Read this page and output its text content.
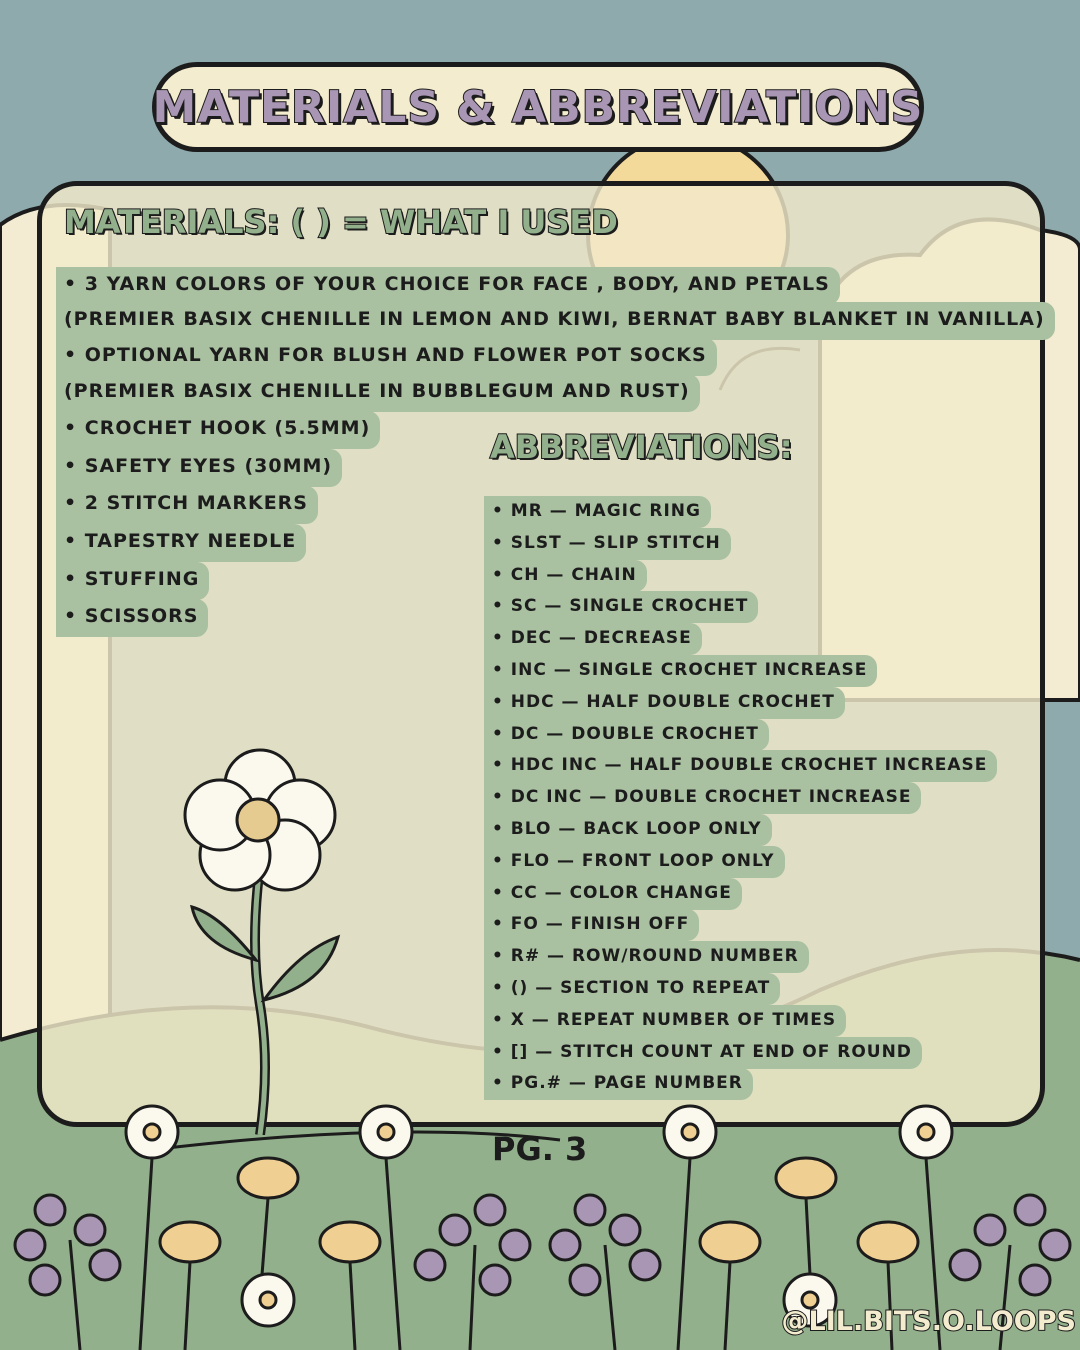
MATERIALS & ABBREVIATIONS
MATERIALS: ( ) = WHAT I USED
• 3 YARN COLORS OF YOUR CHOICE FOR FACE , BODY, AND PETALS
(PREMIER BASIX CHENILLE IN LEMON AND KIWI, BERNAT BABY BLANKET IN VANILLA)
• OPTIONAL YARN FOR BLUSH AND FLOWER POT SOCKS
(PREMIER BASIX CHENILLE IN BUBBLEGUM AND RUST)
• CROCHET HOOK (5.5MM)
• SAFETY EYES (30MM)
• 2 STITCH MARKERS
• TAPESTRY NEEDLE
• STUFFING
• SCISSORS
ABBREVIATIONS:
• MR — MAGIC RING
• SLST — SLIP STITCH
• CH — CHAIN
• SC — SINGLE CROCHET
• DEC — DECREASE
• INC — SINGLE CROCHET INCREASE
• HDC — HALF DOUBLE CROCHET
• DC — DOUBLE CROCHET
• HDC INC — HALF DOUBLE CROCHET INCREASE
• DC INC — DOUBLE CROCHET INCREASE
• BLO — BACK LOOP ONLY
• FLO — FRONT LOOP ONLY
• CC — COLOR CHANGE
• FO — FINISH OFF
• R# — ROW/ROUND NUMBER
• () — SECTION TO REPEAT
• X — REPEAT NUMBER OF TIMES
• [] — STITCH COUNT AT END OF ROUND
• PG.# — PAGE NUMBER
PG. 3
@LIL.BITS.O.LOOPS
